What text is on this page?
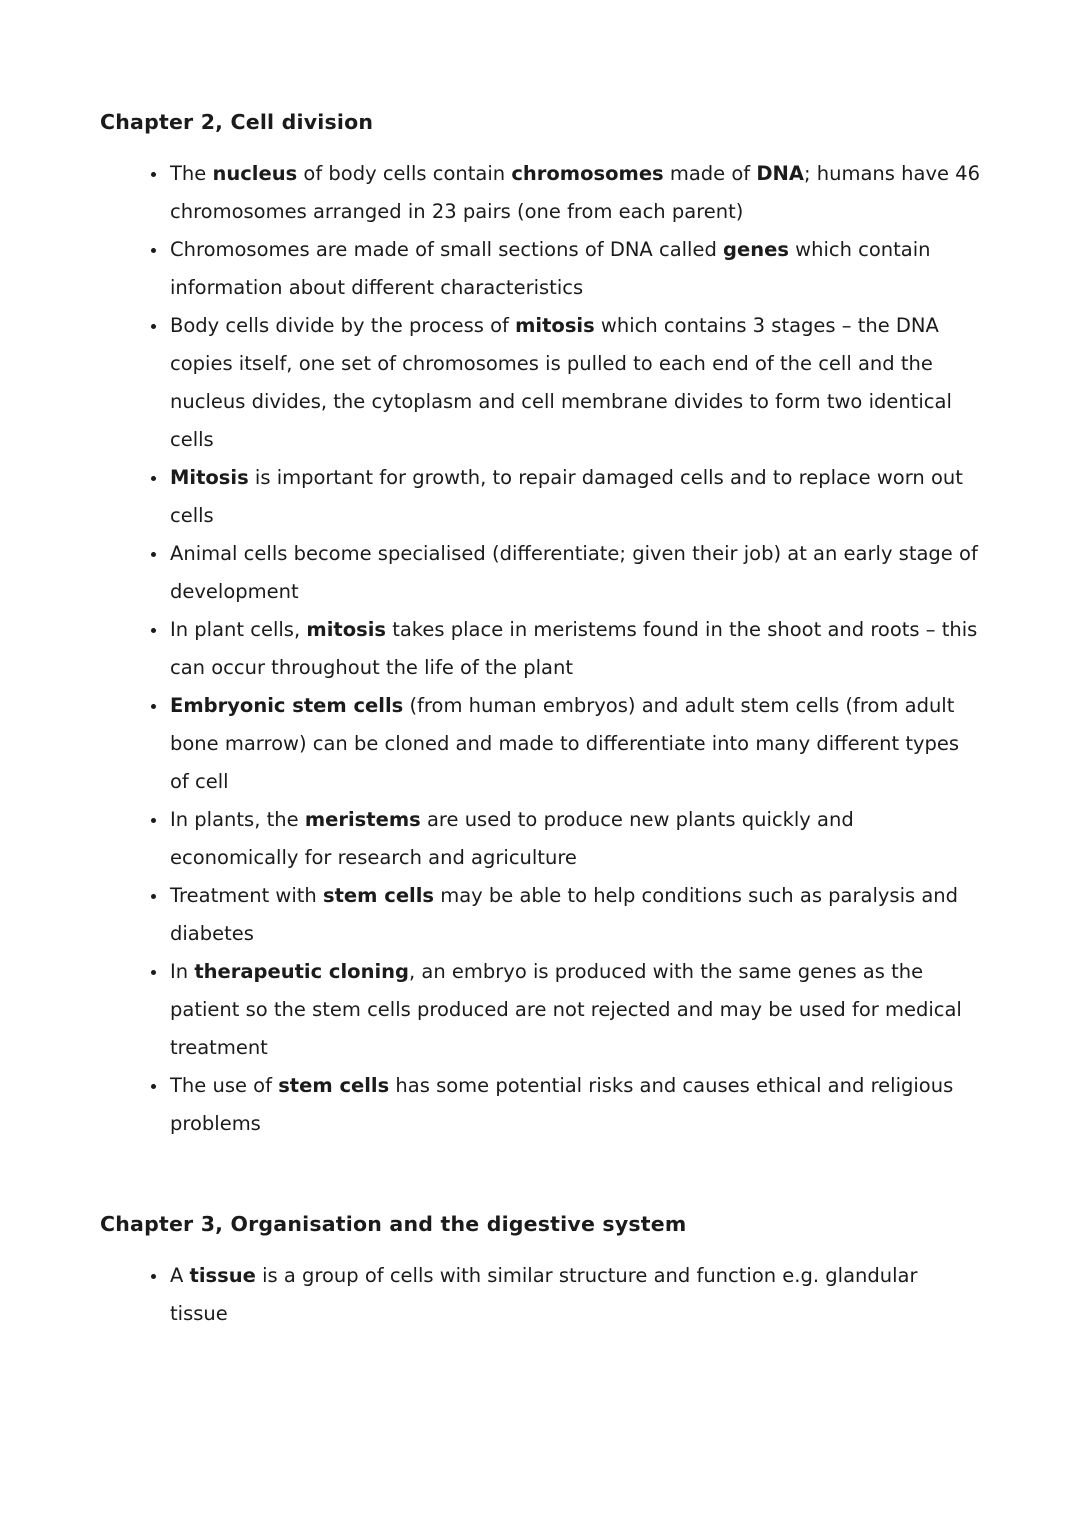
Chapter 2, Cell division
• The nucleus of body cells contain chromosomes made of DNA; humans have 46 chromosomes arranged in 23 pairs (one from each parent)
• Chromosomes are made of small sections of DNA called genes which contain information about different characteristics
• Body cells divide by the process of mitosis which contains 3 stages – the DNA copies itself, one set of chromosomes is pulled to each end of the cell and the nucleus divides, the cytoplasm and cell membrane divides to form two identical cells
• Mitosis is important for growth, to repair damaged cells and to replace worn out cells
• Animal cells become specialised (differentiate; given their job) at an early stage of development
• In plant cells, mitosis takes place in meristems found in the shoot and roots – this can occur throughout the life of the plant
• Embryonic stem cells (from human embryos) and adult stem cells (from adult bone marrow) can be cloned and made to differentiate into many different types of cell
• In plants, the meristems are used to produce new plants quickly and economically for research and agriculture
• Treatment with stem cells may be able to help conditions such as paralysis and diabetes
• In therapeutic cloning, an embryo is produced with the same genes as the patient so the stem cells produced are not rejected and may be used for medical treatment
• The use of stem cells has some potential risks and causes ethical and religious problems
Chapter 3, Organisation and the digestive system
• A tissue is a group of cells with similar structure and function e.g. glandular tissue
